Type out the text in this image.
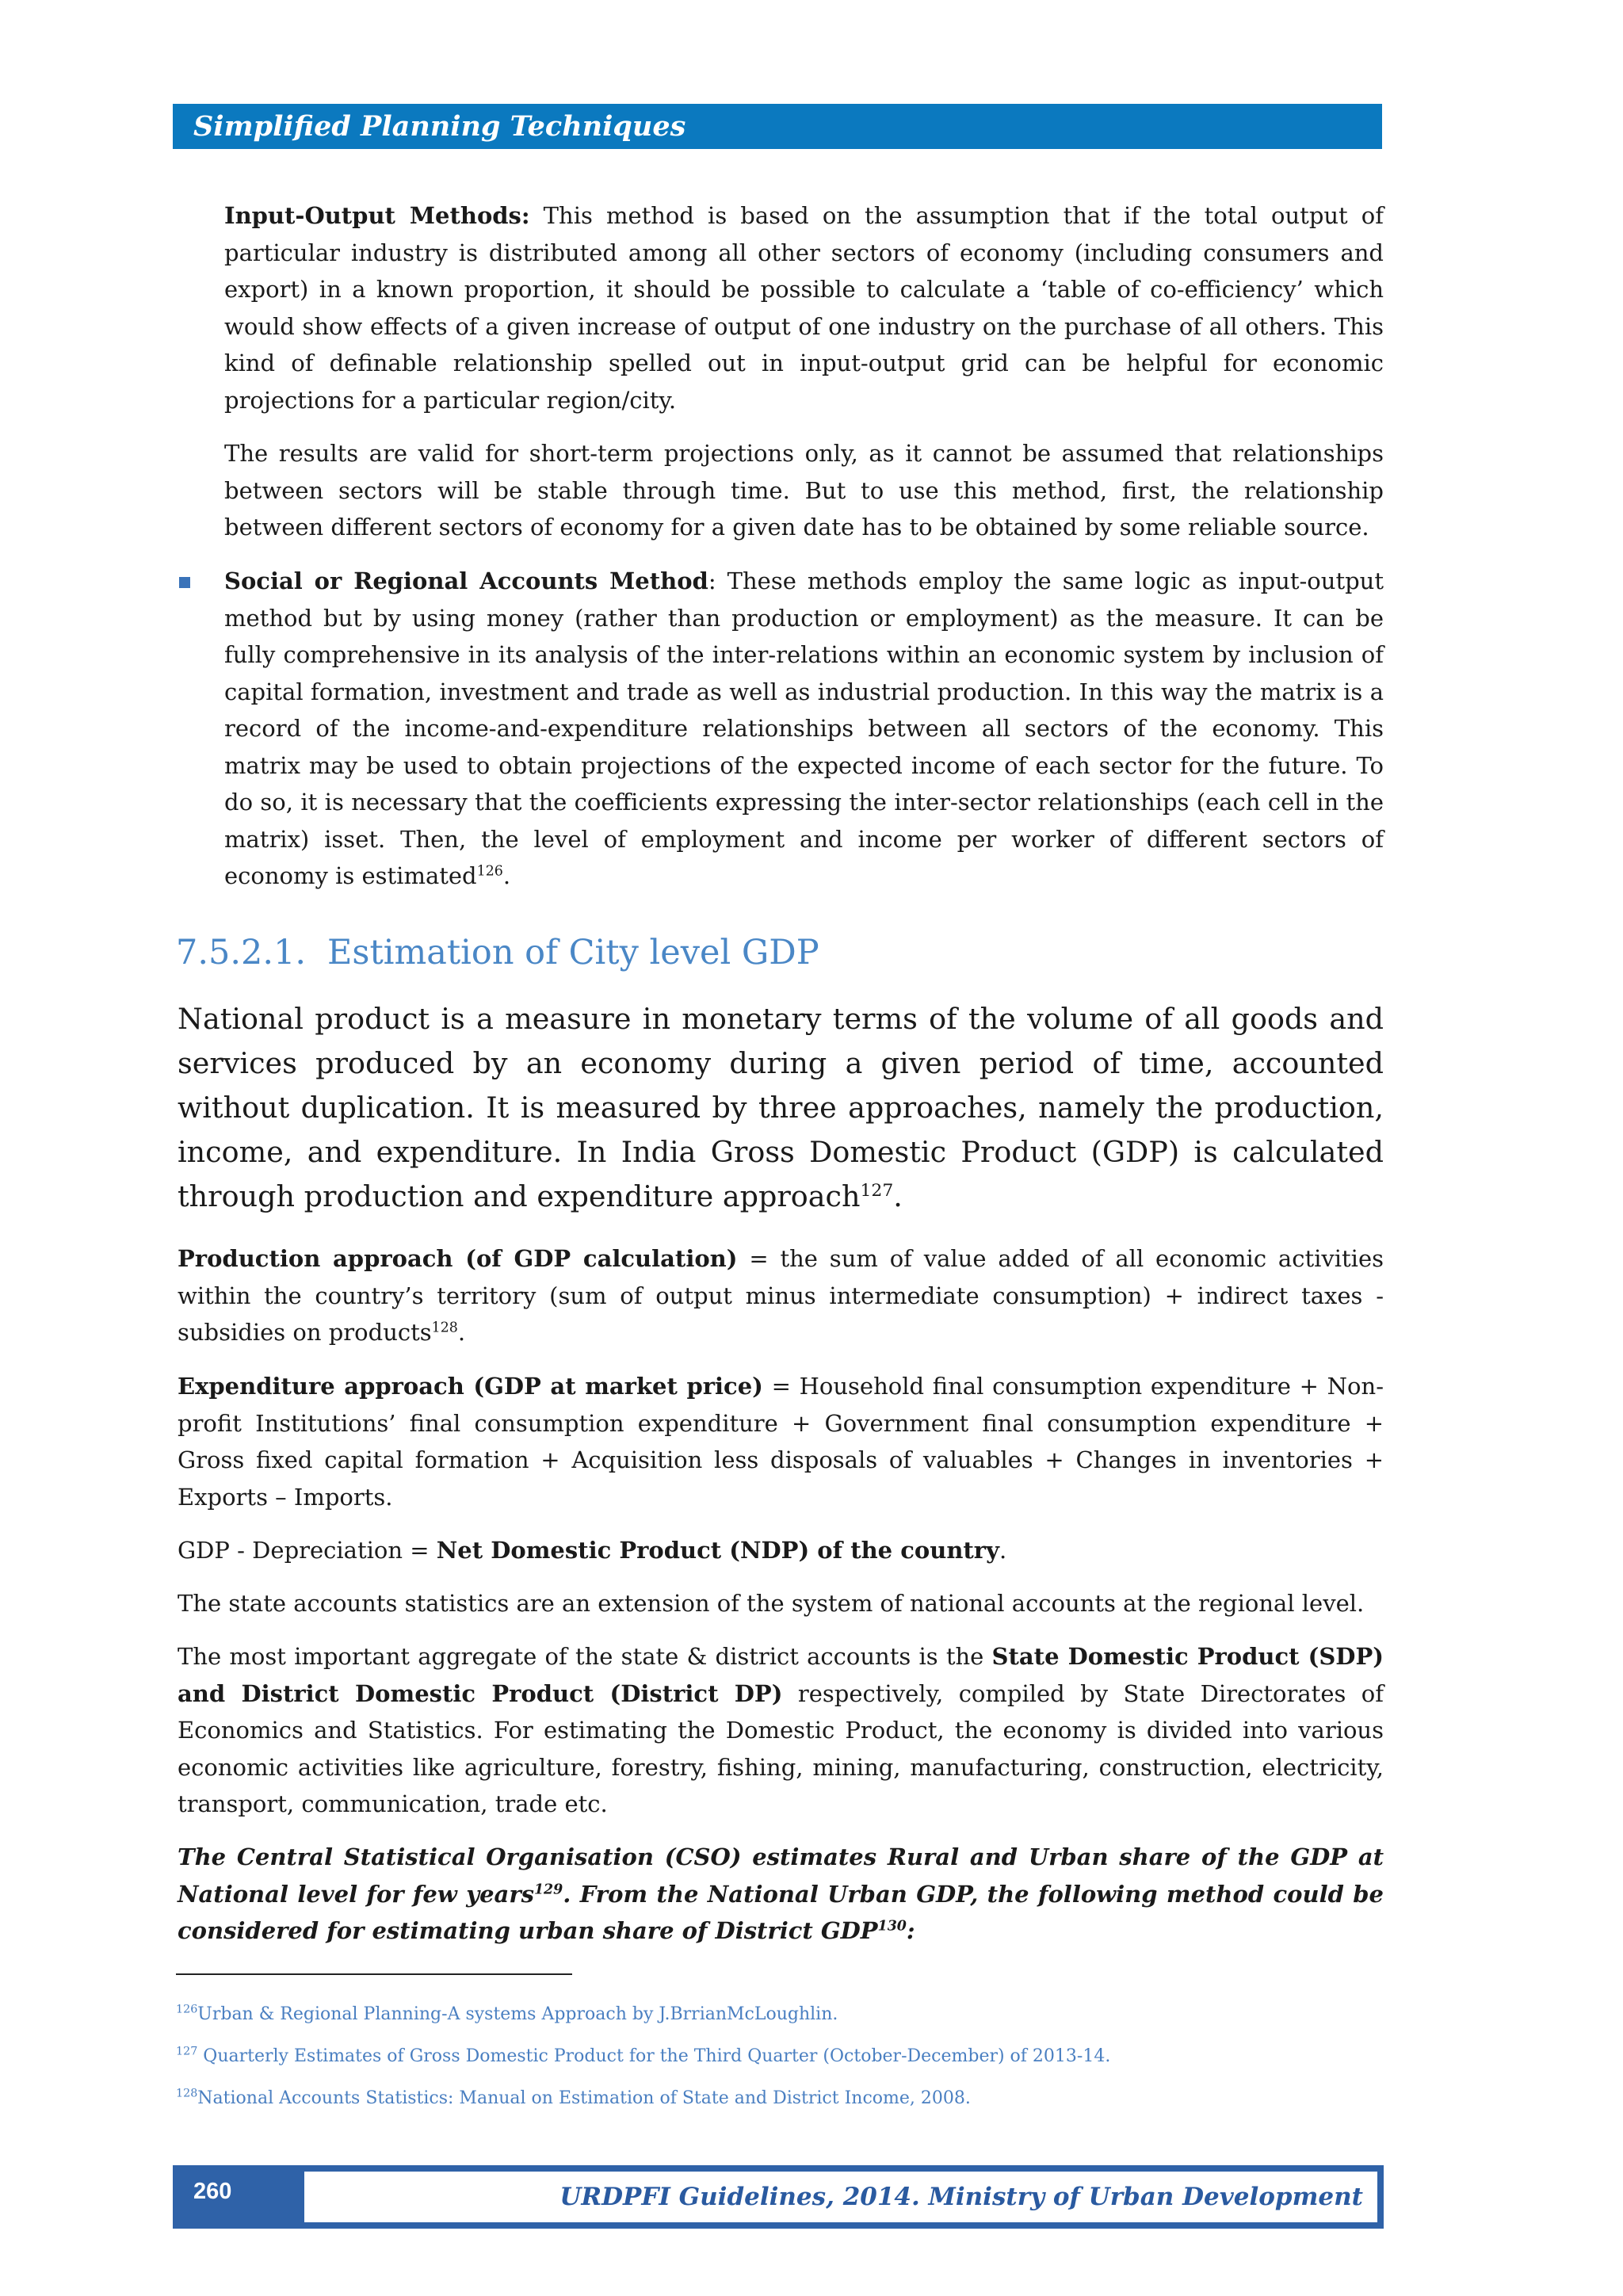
Simplified Planning Techniques

Input-Output Methods: This method is based on the assumption that if the total output of particular industry is distributed among all other sectors of economy (including consumers and export) in a known proportion, it should be possible to calculate a ‘table of co-efficiency’ which would show effects of a given increase of output of one industry on the purchase of all others. This kind of definable relationship spelled out in input-output grid can be helpful for economic projections for a particular region/city.

The results are valid for short-term projections only, as it cannot be assumed that relationships between sectors will be stable through time. But to use this method, first, the relationship between different sectors of economy for a given date has to be obtained by some reliable source.

Social or Regional Accounts Method: These methods employ the same logic as input-output method but by using money (rather than production or employment) as the measure. It can be fully comprehensive in its analysis of the inter-relations within an economic system by inclusion of capital formation, investment and trade as well as industrial production. In this way the matrix is a record of the income-and-expenditure relationships between all sectors of the economy. This matrix may be used to obtain projections of the expected income of each sector for the future. To do so, it is necessary that the coefficients expressing the inter-sector relationships (each cell in the matrix) isset. Then, the level of employment and income per worker of different sectors of economy is estimated$^{126}$.

7.5.2.1. Estimation of City level GDP

National product is a measure in monetary terms of the volume of all goods and services produced by an economy during a given period of time, accounted without duplication. It is measured by three approaches, namely the production, income, and expenditure. In India Gross Domestic Product (GDP) is calculated through production and expenditure approach$^{127}$.

Production approach (of GDP calculation) = the sum of value added of all economic activities within the country’s territory (sum of output minus intermediate consumption) + indirect taxes - subsidies on products$^{128}$.

Expenditure approach (GDP at market price) = Household final consumption expenditure + Non-profit Institutions’ final consumption expenditure + Government final consumption expenditure + Gross fixed capital formation + Acquisition less disposals of valuables + Changes in inventories + Exports – Imports.

GDP - Depreciation = Net Domestic Product (NDP) of the country.

The state accounts statistics are an extension of the system of national accounts at the regional level.

The most important aggregate of the state & district accounts is the State Domestic Product (SDP) and District Domestic Product (District DP) respectively, compiled by State Directorates of Economics and Statistics. For estimating the Domestic Product, the economy is divided into various economic activities like agriculture, forestry, fishing, mining, manufacturing, construction, electricity, transport, communication, trade etc.

The Central Statistical Organisation (CSO) estimates Rural and Urban share of the GDP at National level for few years$^{129}$. From the National Urban GDP, the following method could be considered for estimating urban share of District GDP$^{130}$:

$^{126}$Urban & Regional Planning-A systems Approach by J.BrrianMcLoughlin.

$^{127}$ Quarterly Estimates of Gross Domestic Product for the Third Quarter (October-December) of 2013-14.

$^{128}$National Accounts Statistics: Manual on Estimation of State and District Income, 2008.

260	URDPFI Guidelines, 2014. Ministry of Urban Development
